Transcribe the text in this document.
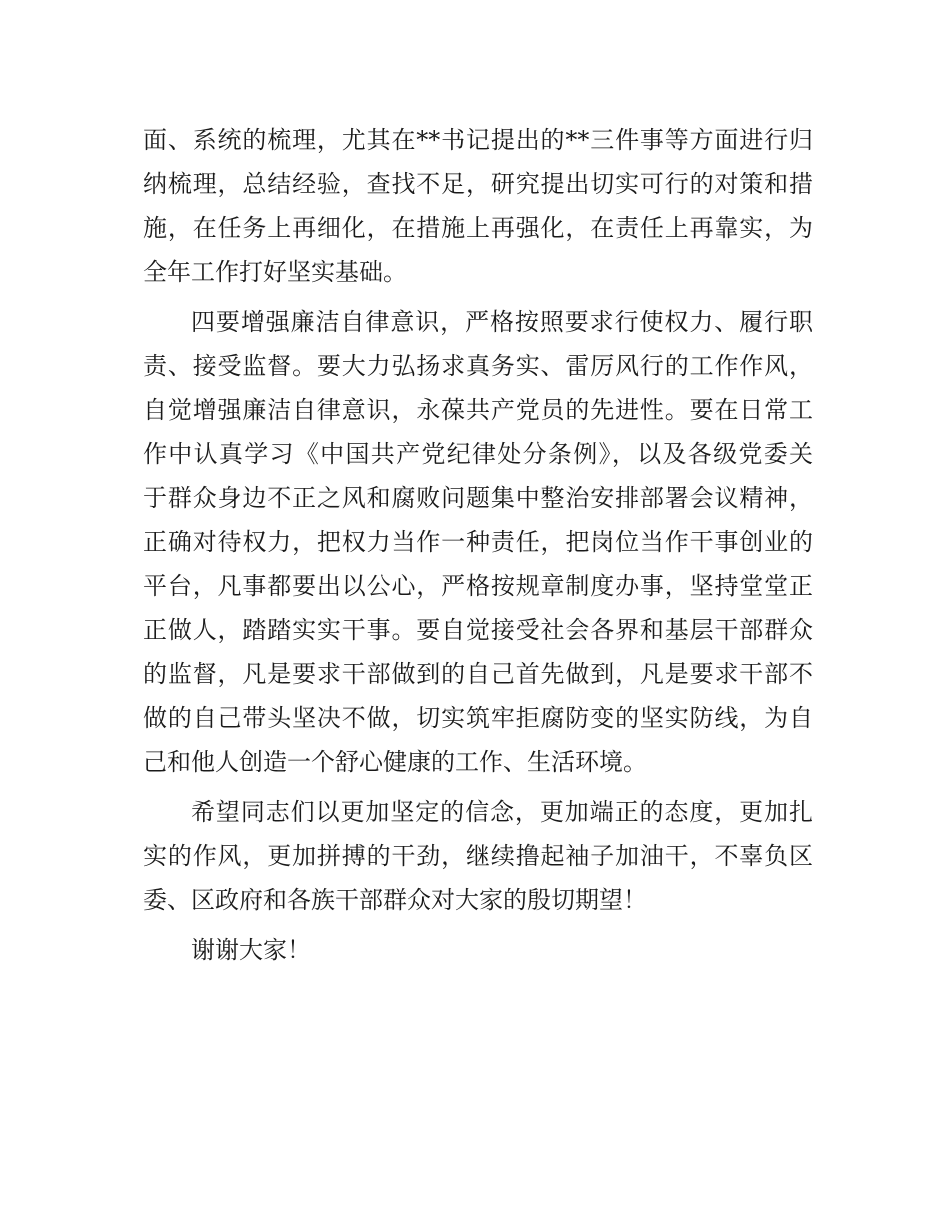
面、系统的梳理，尤其在**书记提出的**三件事等方面进行归
纳梳理，总结经验，查找不足，研究提出切实可行的对策和措
施，在任务上再细化，在措施上再强化，在责任上再靠实，为
全年工作打好坚实基础。
四要增强廉洁自律意识，严格按照要求行使权力、履行职
责、接受监督。要大力弘扬求真务实、雷厉风行的工作作风，
自觉增强廉洁自律意识，永葆共产党员的先进性。要在日常工
作中认真学习《中国共产党纪律处分条例》，以及各级党委关
于群众身边不正之风和腐败问题集中整治安排部署会议精神，
正确对待权力，把权力当作一种责任，把岗位当作干事创业的
平台，凡事都要出以公心，严格按规章制度办事，坚持堂堂正
正做人，踏踏实实干事。要自觉接受社会各界和基层干部群众
的监督，凡是要求干部做到的自己首先做到，凡是要求干部不
做的自己带头坚决不做，切实筑牢拒腐防变的坚实防线，为自
己和他人创造一个舒心健康的工作、生活环境。
希望同志们以更加坚定的信念，更加端正的态度，更加扎
实的作风，更加拼搏的干劲，继续撸起袖子加油干，不辜负区
委、区政府和各族干部群众对大家的殷切期望！
谢谢大家！
